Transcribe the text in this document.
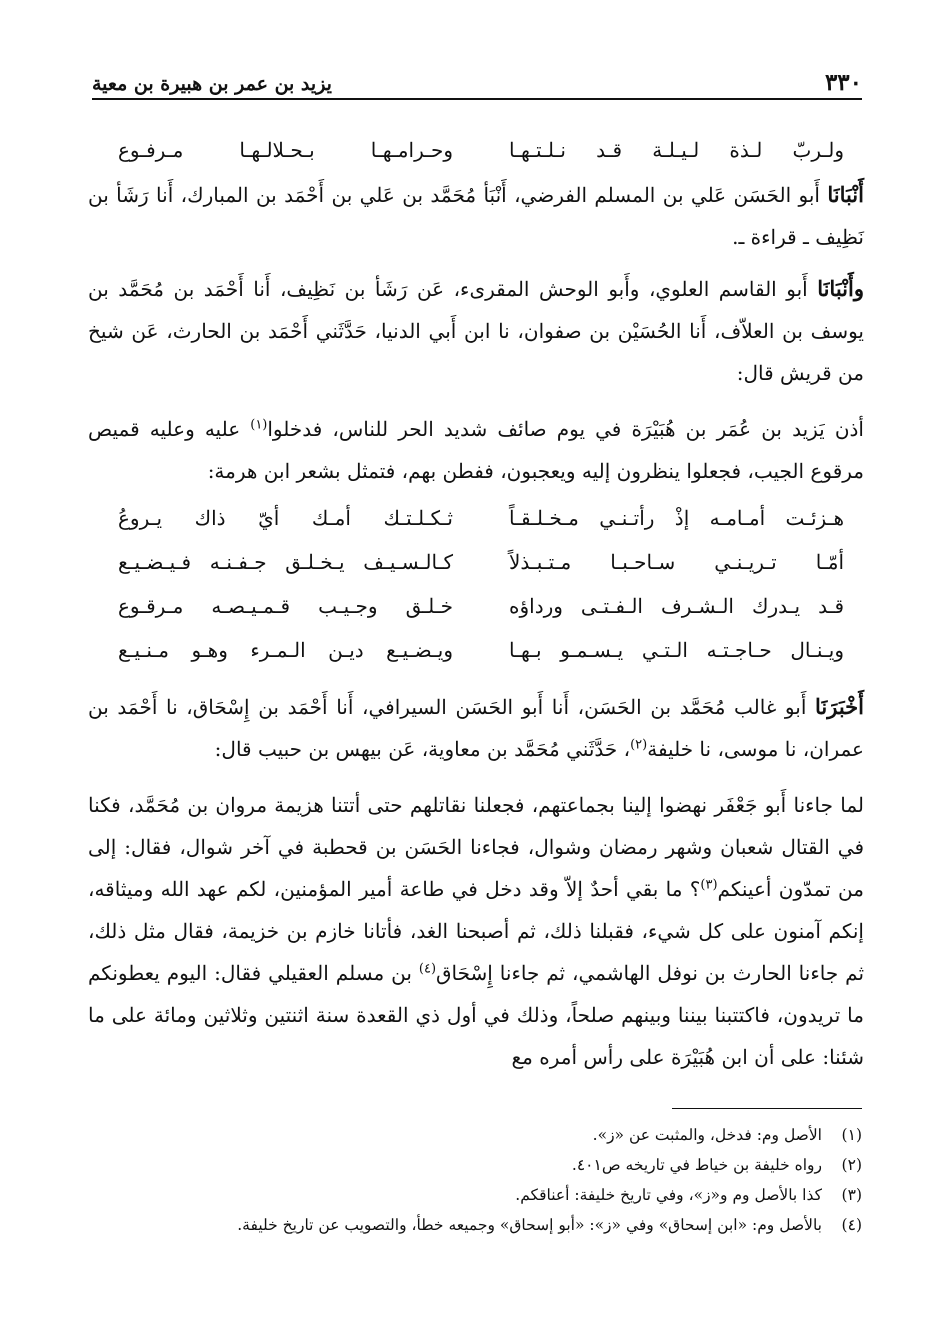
٣٣٠
يزيد بن عمر بن هبيرة بن معية
ولـربّ لـذة لـيـلـة قـد نـلـتـهـا
وحـرامـهـا بـحـلالـهـا مـرفـوع

أَنْبَانَا أَبو الحَسَن عَلي بن المسلم الفرضي، أَنْبَأ مُحَمَّد بن عَلي بن أَحْمَد بن المبارك، أَنا رَشَأ بن نَظِيف ـ قراءة ـ.

وأَنْبَانَا أَبو القاسم العلوي، وأَبو الوحش المقرىء، عَن رَشَأ بن نَظِيف، أَنا أَحْمَد بن مُحَمَّد بن يوسف بن العلاّف، أَنا الحُسَيْن بن صفوان، نا ابن أَبي الدنيا، حَدَّثَني أَحْمَد بن الحارث، عَن شيخ من قريش قال:

أذن يَزيد بن عُمَر بن هُبَيْرَة في يوم صائف شديد الحر للناس، فدخلوا$^{(١)}$ عليه وعليه قميص مرقوع الجيب، فجعلوا ينظرون إليه ويعجبون، ففطن بهم، فتمثل بشعر ابن هرمة:

هـزئـت أمـامـه إذْ رأتـنـي مـخـلـقـاً
ثـكـلـتـك أمـك أيّ ذاك يـروعُ
أمّـا تـريـنـي سـاحـبـا مـتـبـذلاً
كـالـسـيـف يـخـلـق جـفـنـه فـيـضـيـع
قـد يـدرك الـشـرف الـفـتـى ورداؤه
خـلـق وجـيـب قـمـيـصـه مـرقـوع
ويـنـال حـاجـتـه الـتـي يـسـمـو بـهـا
ويـضـيـع ديـن الـمـرء وهـو مـنـيـع

أَخْبَرَنَا أَبو غالب مُحَمَّد بن الحَسَن، أَنا أَبو الحَسَن السيرافي، أَنا أَحْمَد بن إِسْحَاق، نا أَحْمَد بن عمران، نا موسى، نا خليفة$^{(٢)}$، حَدَّثَني مُحَمَّد بن معاوية، عَن بيهس بن حبيب قال:

لما جاءنا أَبو جَعْفَر نهضوا إلينا بجماعتهم، فجعلنا نقاتلهم حتى أتتنا هزيمة مروان بن مُحَمَّد، فكنا في القتال شعبان وشهر رمضان وشوال، فجاءنا الحَسَن بن قحطبة في آخر شوال، فقال: إلى من تمدّون أعينكم$^{(٣)}$؟ ما بقي أحدٌ إلاّ وقد دخل في طاعة أمير المؤمنين، لكم عهد الله وميثاقه، إنكم آمنون على كل شيء، فقبلنا ذلك، ثم أصبحنا الغد، فأتانا خازم بن خزيمة، فقال مثل ذلك، ثم جاءنا الحارث بن نوفل الهاشمي، ثم جاءنا إِسْحَاق$^{(٤)}$ بن مسلم العقيلي فقال: اليوم يعطونكم ما تريدون، فاكتتبنا بيننا وبينهم صلحاً، وذلك في أول ذي القعدة سنة اثنتين وثلاثين ومائة على ما شئنا: على أن ابن هُبَيْرَة على رأس أمره مع

(١)
الأصل وم: فدخل، والمثبت عن «ز».
(٢)
رواه خليفة بن خياط في تاريخه ص٤٠١.
(٣)
كذا بالأصل وم و«ز»، وفي تاريخ خليفة: أعناقكم.
(٤)
بالأصل وم: «ابن إسحاق» وفي «ز»: «أبو إسحاق» وجميعه خطأ، والتصويب عن تاريخ خليفة.
